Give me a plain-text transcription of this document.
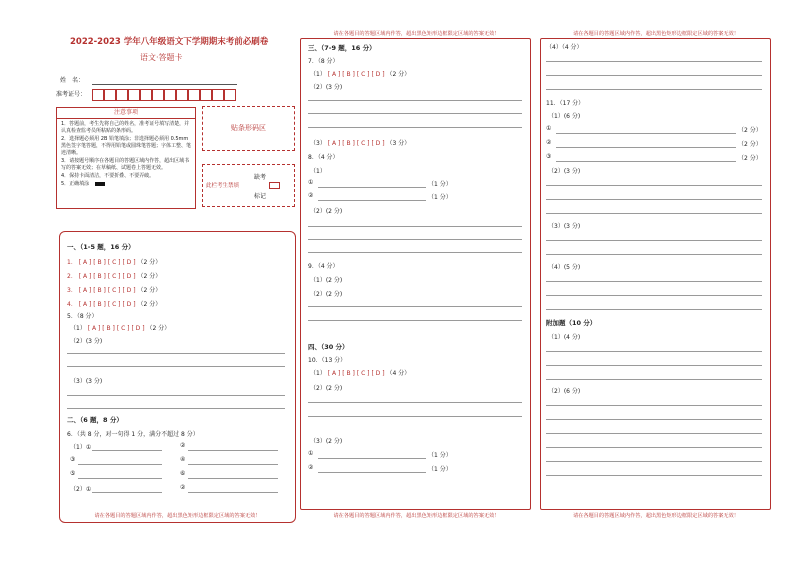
2022-2023 学年八年级语文下学期期末考前必刷卷
语文·答题卡
姓　名：
准考证号：
注意事项
1．答题前，考生先将自己的姓名，准考证号填写清楚，并认真检查监考员所粘贴的条形码。
2．选择题必须用 2B 铅笔填涂；非选择题必须用 0.5mm 黑色签字笔答题，不得用铅笔或圆珠笔答题；字体工整、笔迹清晰。
3．请按题号顺序在各题目的答题区域内作答，超出区域书写的答案无效；在草稿纸、试题卷上答题无效。
4．保持卡面清洁，不要折叠、不要弄破。
5．正确填涂
贴条形码区
此栏考生禁填
缺考
标记
一、（1-5 题，16 分）
1． [ A ] [ B ] [ C ] [ D ] （2 分）
2． [ A ] [ B ] [ C ] [ D ] （2 分）
3． [ A ] [ B ] [ C ] [ D ] （2 分）
4． [ A ] [ B ] [ C ] [ D ] （2 分）
5．（8 分）
（1） [ A ] [ B ] [ C ] [ D ] （2 分）
（2）(3 分)
（3）(3 分)
二、（6 题，8 分）
6．（共 8 分，对一句得 1 分，满分不超过 8 分）
（1）①	②
③	④
⑤	⑥
（2）①	②
请在各题目的答题区域内作答，超出黑色矩形边框限定区域的答案无效！
请在各题目的答题区域内作答，超出黑色矩形边框限定区域的答案无效！
三、（7-9 题，16 分）
7．（8 分）
（1） [ A ] [ B ] [ C ] [ D ] （2 分）
（2）(3 分)
（3） [ A ] [ B ] [ C ] [ D ] （3 分）
8．（4 分）
（1）
①	（1 分）
②	（1 分）
（2）(2 分)
9．（4 分）
（1）(2 分)
（2）(2 分)
四、（30 分）
10．（13 分）
（1） [ A ] [ B ] [ C ] [ D ] （4 分）
（2）(2 分)
（3）(2 分)
①	（1 分）
②	（1 分）
请在各题目的答题区域内作答，超出黑色矩形边框限定区域的答案无效！
请在各题目的答题区域内作答，超出黑色矩形边框限定区域的答案无效！
（4）（4 分）
11．（17 分）
（1）(6 分)
①	（2 分）
②	（2 分）
③	（2 分）
（2）(3 分)
（3）(3 分)
（4）(5 分)
附加题（10 分）
（1）(4 分)
（2）(6 分)
请在各题目的答题区域内作答，超出黑色矩形边框限定区域的答案无效！
